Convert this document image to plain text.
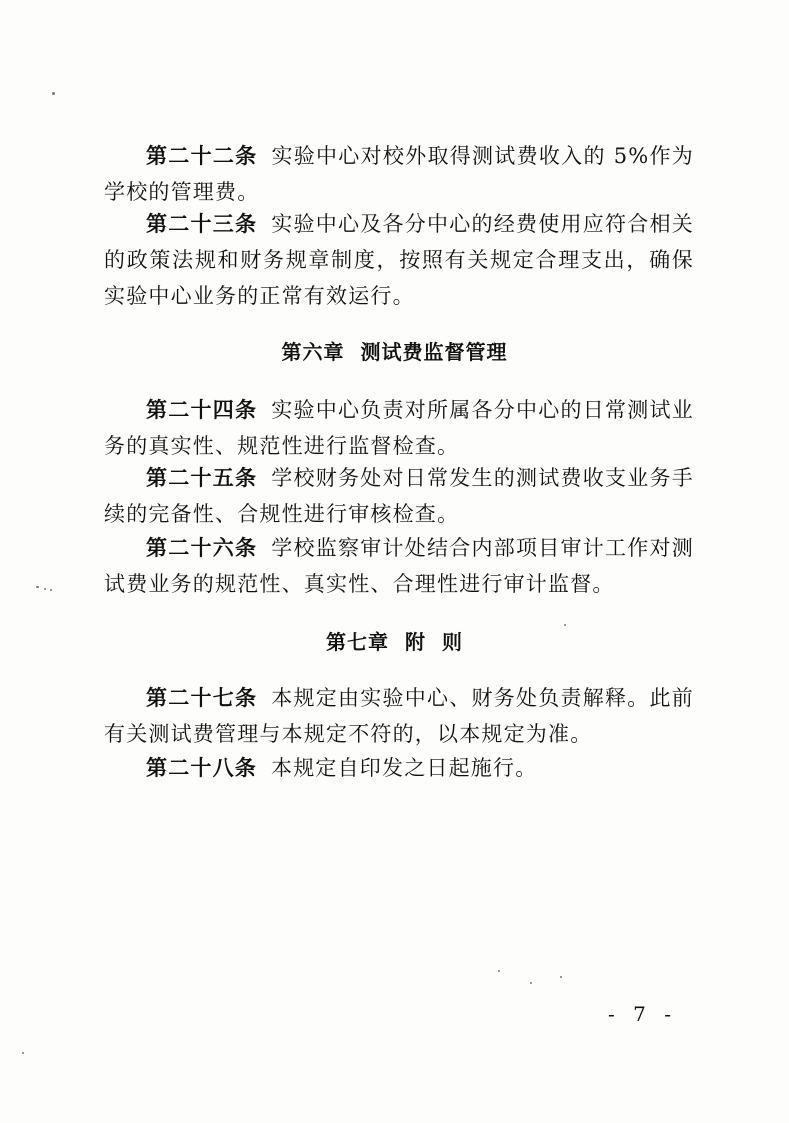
第二十二条 实验中心对校外取得测试费收入的 5%作为学校的管理费。

第二十三条 实验中心及各分中心的经费使用应符合相关的政策法规和财务规章制度，按照有关规定合理支出，确保实验中心业务的正常有效运行。

第六章 测试费监督管理

第二十四条 实验中心负责对所属各分中心的日常测试业务的真实性、规范性进行监督检查。

第二十五条 学校财务处对日常发生的测试费收支业务手续的完备性、合规性进行审核检查。

第二十六条 学校监察审计处结合内部项目审计工作对测试费业务的规范性、真实性、合理性进行审计监督。

第七章 附  则

第二十七条 本规定由实验中心、财务处负责解释。此前有关测试费管理与本规定不符的，以本规定为准。

第二十八条 本规定自印发之日起施行。

- 7 -
